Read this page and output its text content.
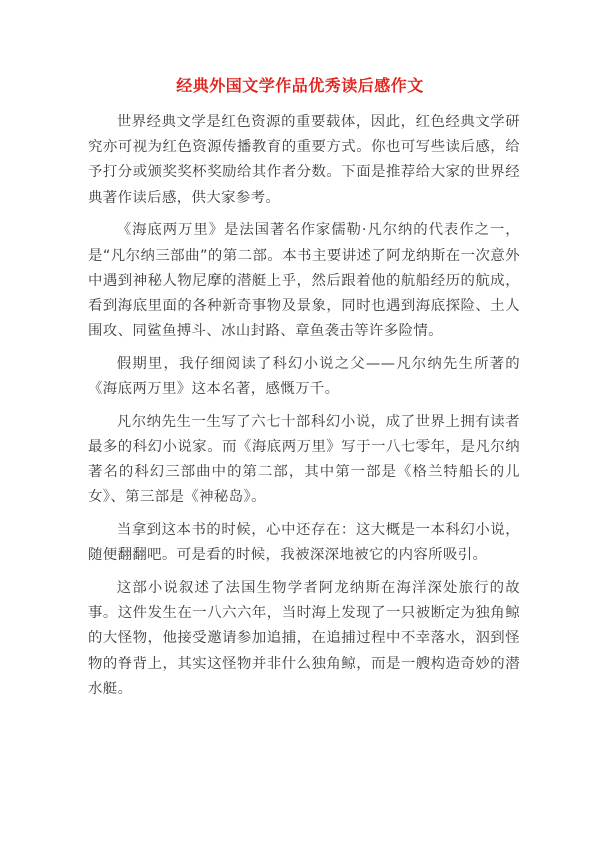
经典外国文学作品优秀读后感作文

世界经典文学是红色资源的重要载体，因此，红色经典文学研究亦可视为红色资源传播教育的重要方式。你也可写些读后感，给予打分或颁奖奖杯奖励给其作者分数。下面是推荐给大家的世界经典著作读后感，供大家参考。

《海底两万里》是法国著名作家儒勒·凡尔纳的代表作之一，是“凡尔纳三部曲”的第二部。本书主要讲述了阿龙纳斯在一次意外中遇到神秘人物尼摩的潜艇上乎，然后跟着他的航船经历的航成，看到海底里面的各种新奇事物及景象，同时也遇到海底探险、土人围攻、同鲨鱼搏斗、冰山封路、章鱼袭击等许多险情。

假期里，我仔细阅读了科幻小说之父——凡尔纳先生所著的《海底两万里》这本名著，感慨万千。

凡尔纳先生一生写了六七十部科幻小说，成了世界上拥有读者最多的科幻小说家。而《海底两万里》写于一八七零年，是凡尔纳著名的科幻三部曲中的第二部，其中第一部是《格兰特船长的儿女》、第三部是《神秘岛》。

当拿到这本书的时候，心中还存在：这大概是一本科幻小说，随便翻翻吧。可是看的时候，我被深深地被它的内容所吸引。

这部小说叙述了法国生物学者阿龙纳斯在海洋深处旅行的故事。这件发生在一八六六年，当时海上发现了一只被断定为独角鲸的大怪物，他接受邀请参加追捕，在追捕过程中不幸落水，泅到怪物的脊背上，其实这怪物并非什么独角鲸，而是一艘构造奇妙的潜水艇。
